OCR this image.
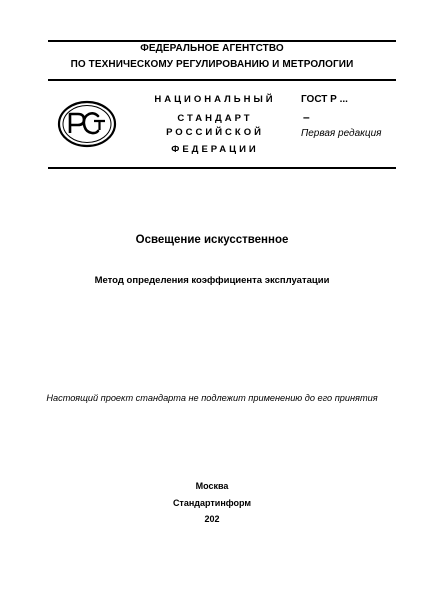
ФЕДЕРАЛЬНОЕ АГЕНТСТВО
ПО ТЕХНИЧЕСКОМУ РЕГУЛИРОВАНИЮ И МЕТРОЛОГИИ
НАЦИОНАЛЬНЫЙ
СТАНДАРТ
РОССИЙСКОЙ
ФЕДЕРАЦИИ
ГОСТ Р ...
–
Первая редакция
Освещение искусственное
Метод определения коэффициента эксплуатации
Настоящий проект стандарта не подлежит применению до его принятия
Москва
Стандартинформ
202
